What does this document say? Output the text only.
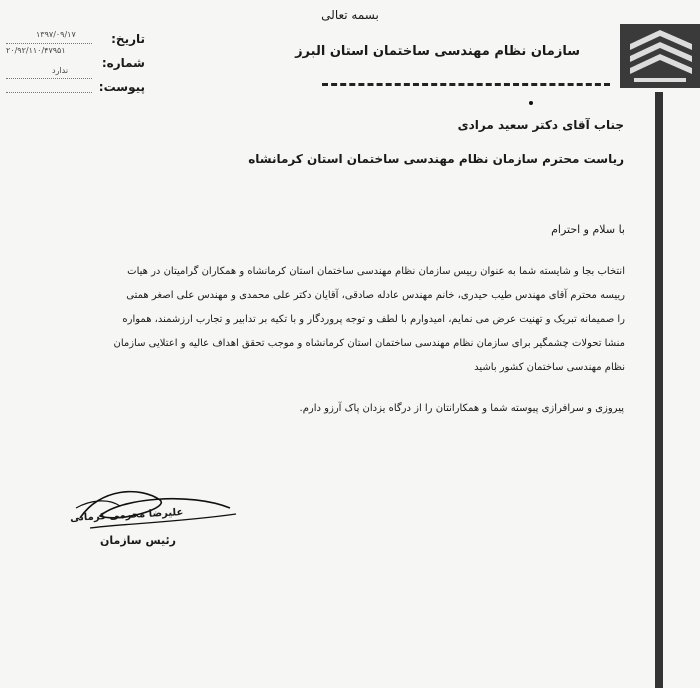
بسمه تعالی
تاریخ:
۱۳۹۷/۰۹/۱۷
شماره:
۲۰/۹۲/۱۱۰/۴۷۹۵۱
ندارد
پیوست:
سازمان نظام مهندسی ساختمان استان البرز
جناب آقای دکتر سعید مرادی
ریاست محترم سازمان نظام مهندسی ساختمان استان کرمانشاه
با سلام و احترام
انتخاب بجا و شایسته شما به عنوان رییس سازمان نظام مهندسی ساختمان استان کرمانشاه و همکاران گرامیتان در هیات
رییسه محترم آقای مهندس طیب حیدری، خانم مهندس عادله صادقی، آقایان دکتر علی محمدی و مهندس علی اصغر همتی
را صمیمانه تبریک و تهنیت عرض می نمایم، امیدوارم با لطف و توجه پروردگار و با تکیه بر تدابیر و تجارب ارزشمند، همواره
منشا تحولات چشمگیر برای سازمان نظام مهندسی ساختمان استان کرمانشاه و موجب تحقق اهداف عالیه و اعتلایی سازمان
نظام مهندسی ساختمان کشور باشید
پیروزی و سرافرازی پیوسته شما و همکارانتان را از درگاه یزدان پاک آرزو دارم.
علیرضا محرمی کرمانی
رئیس سازمان
